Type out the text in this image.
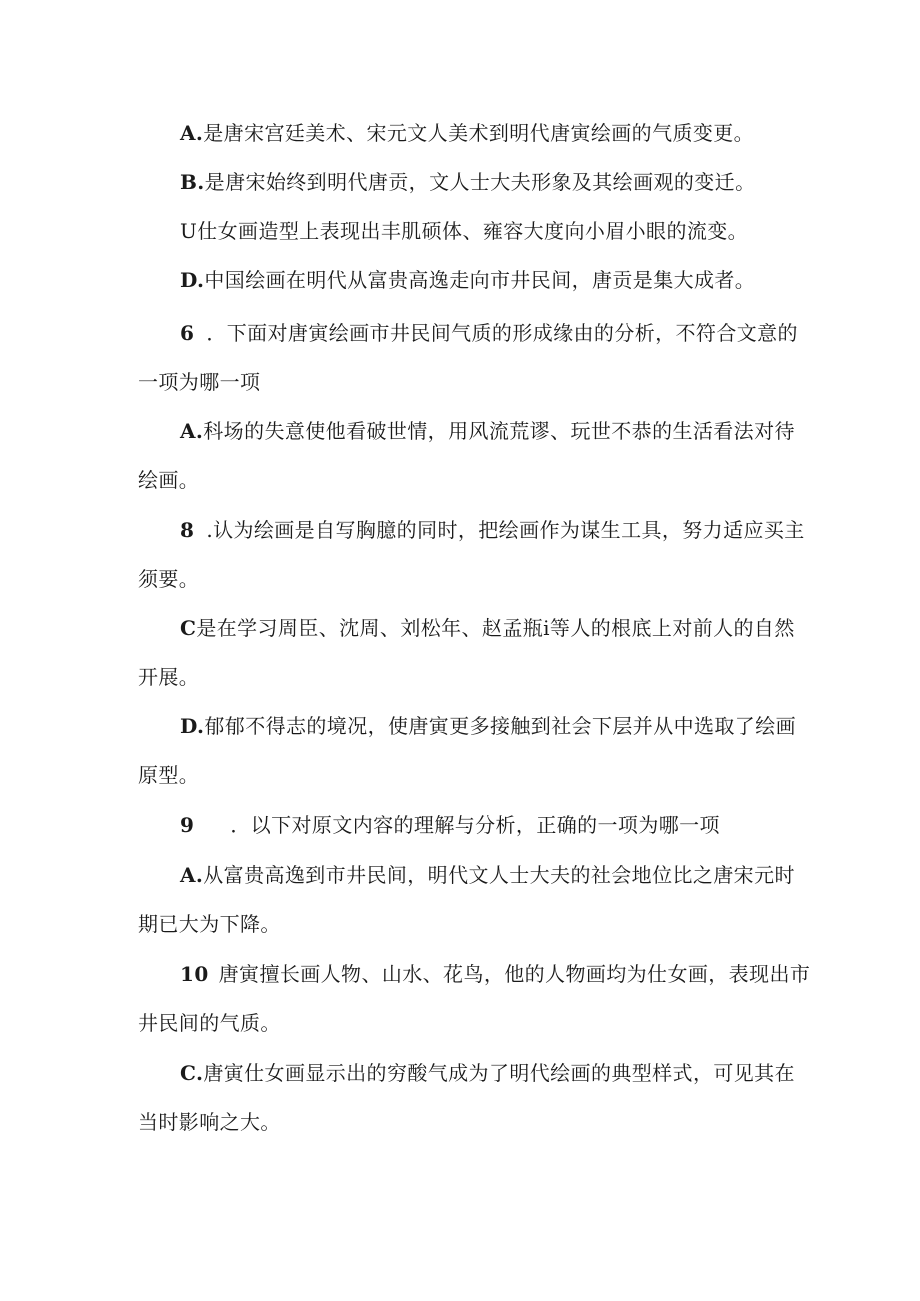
A.是唐宋宫廷美术、宋元文人美术到明代唐寅绘画的气质变更。
B.是唐宋始终到明代唐贡，文人士大夫形象及其绘画观的变迁。
U仕女画造型上表现出丰肌硕体、雍容大度向小眉小眼的流变。
D.中国绘画在明代从富贵高逸走向市井民间，唐贡是集大成者。
6 ．下面对唐寅绘画市井民间气质的形成缘由的分析，不符合文意的
一项为哪一项
A.科场的失意使他看破世情，用风流荒谬、玩世不恭的生活看法对待
绘画。
8 .认为绘画是自写胸臆的同时，把绘画作为谋生工具，努力适应买主
须要。
C是在学习周臣、沈周、刘松年、赵孟瓶i等人的根底上对前人的自然
开展。
D.郁郁不得志的境况，使唐寅更多接触到社会下层并从中选取了绘画
原型。
9 ．以下对原文内容的理解与分析，正确的一项为哪一项
A.从富贵高逸到市井民间，明代文人士大夫的社会地位比之唐宋元时
期已大为下降。
10 唐寅擅长画人物、山水、花鸟，他的人物画均为仕女画，表现出市
井民间的气质。
C.唐寅仕女画显示出的穷酸气成为了明代绘画的典型样式，可见其在
当时影响之大。
